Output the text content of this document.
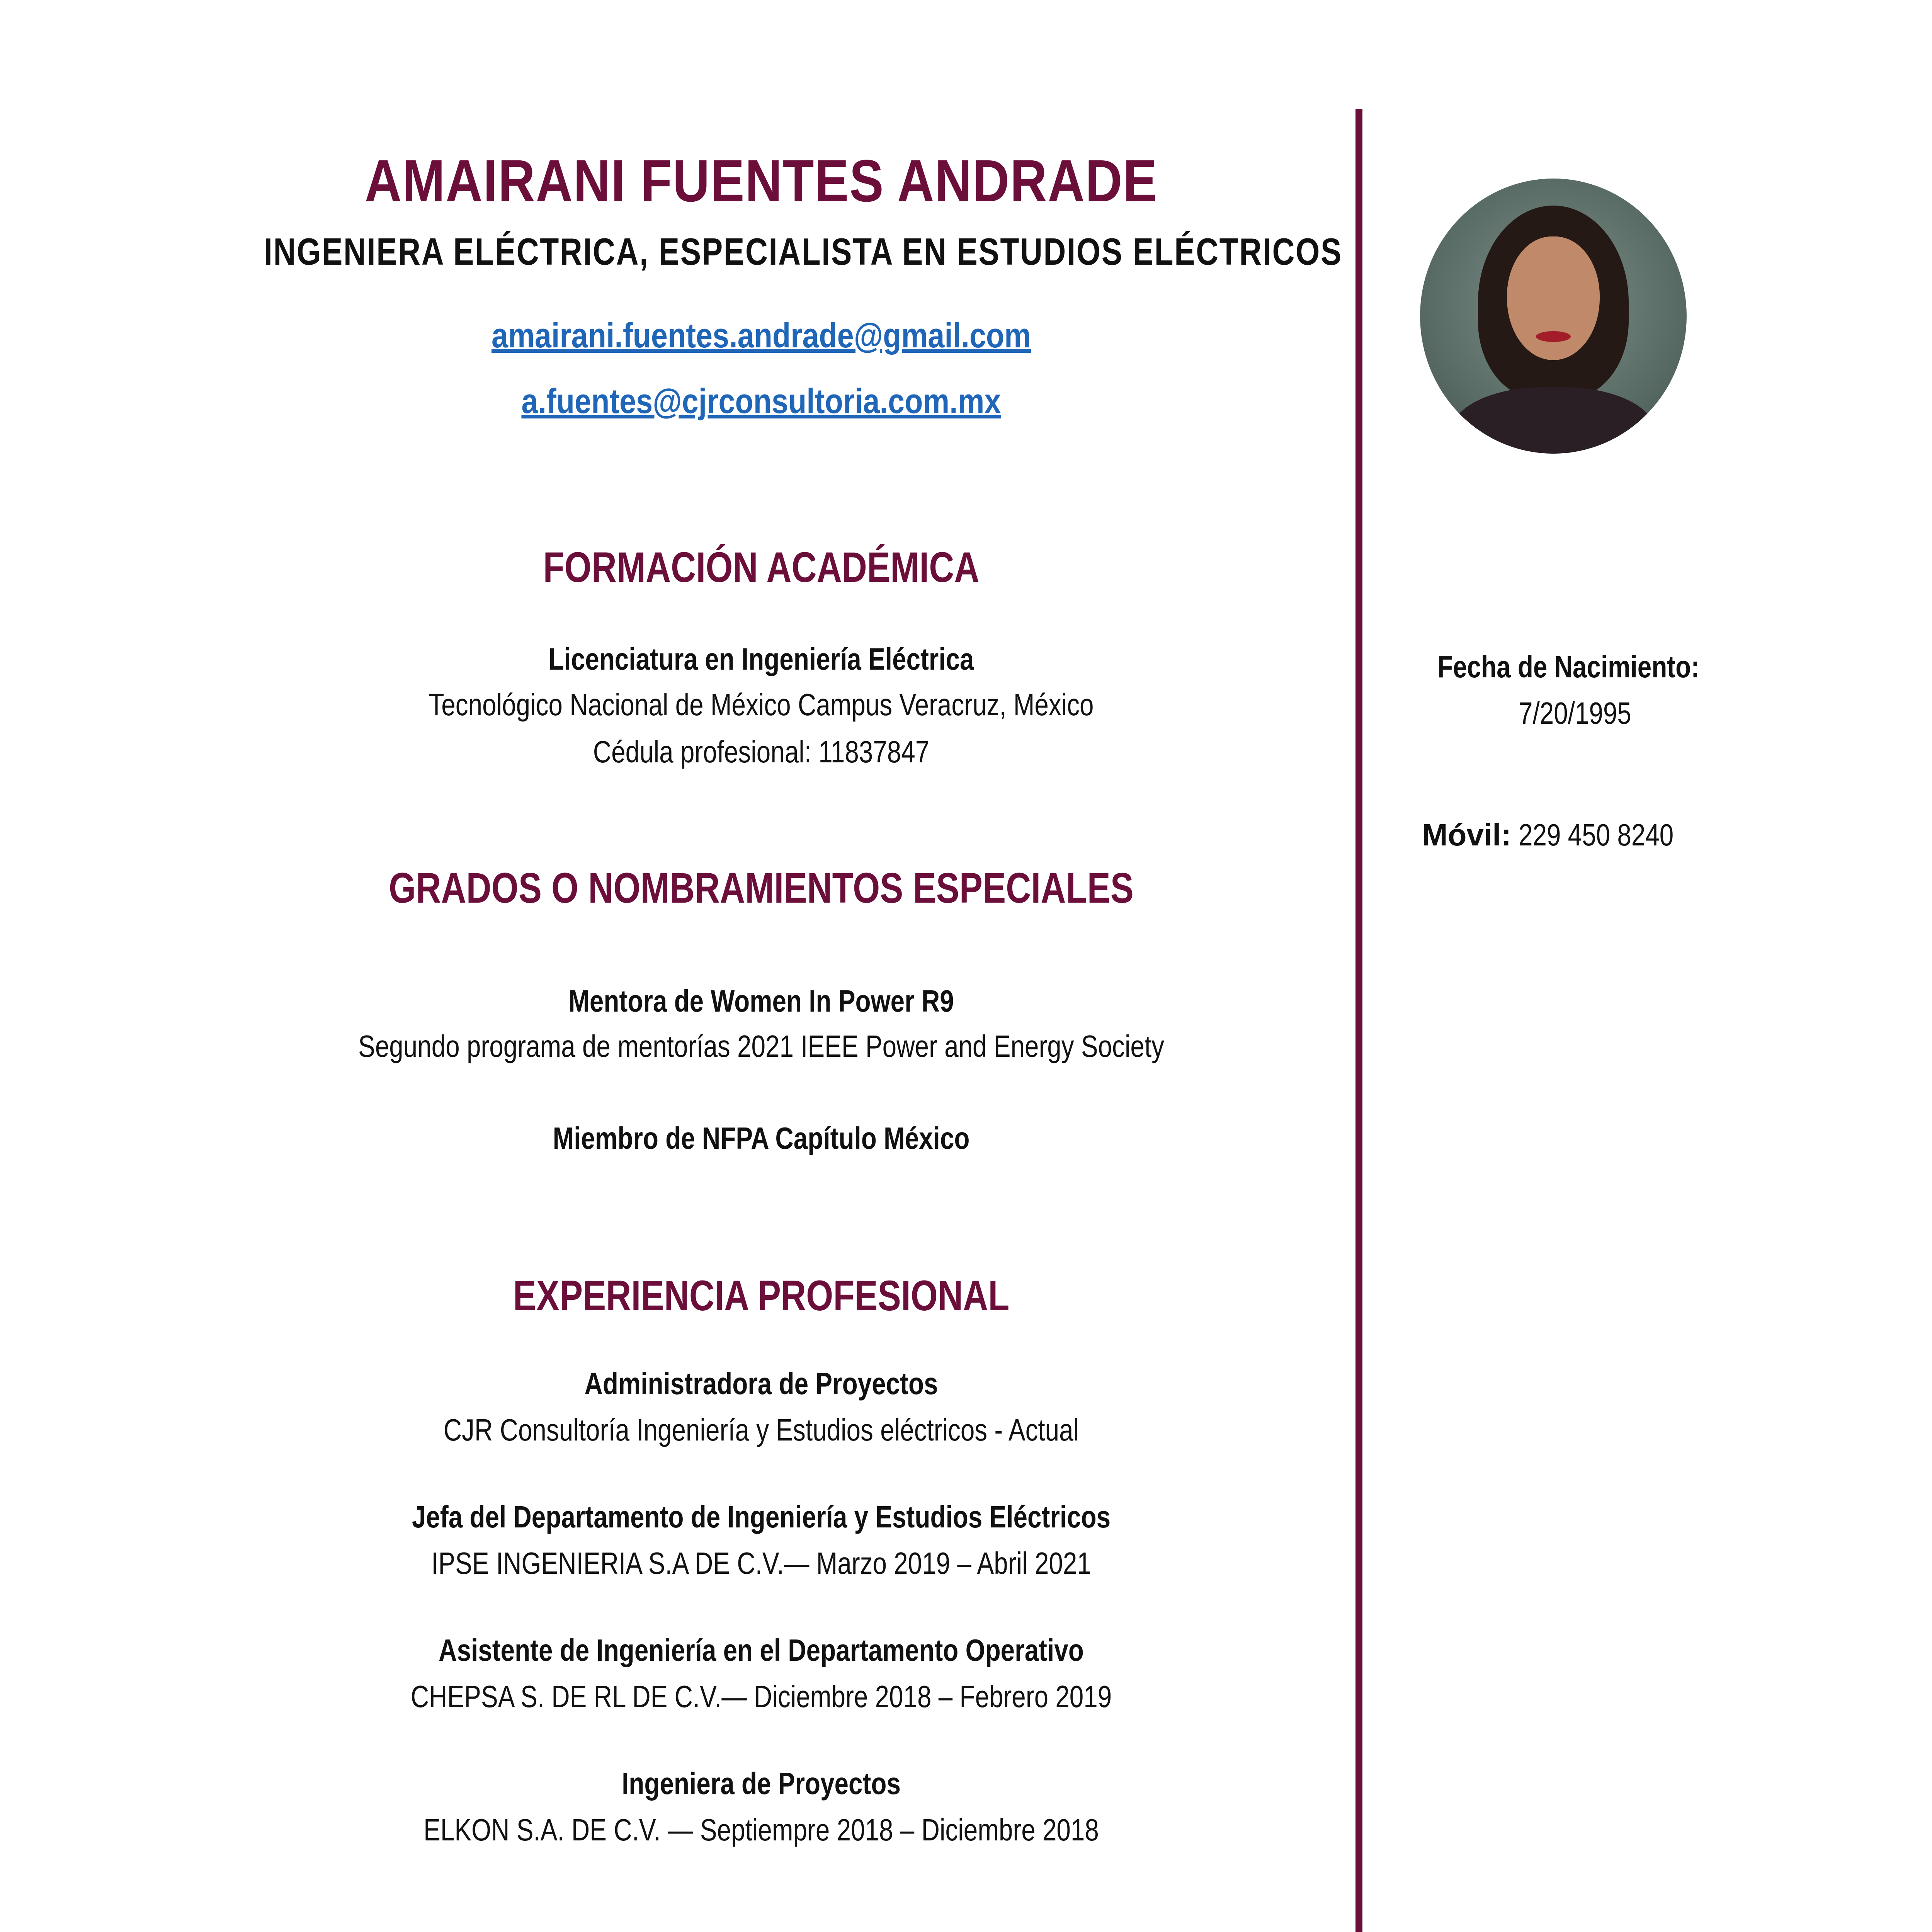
AMAIRANI FUENTES ANDRADE
INGENIERA ELÉCTRICA, ESPECIALISTA EN ESTUDIOS ELÉCTRICOS
amairani.fuentes.andrade@gmail.com
a.fuentes@cjrconsultoria.com.mx
FORMACIÓN ACADÉMICA
Licenciatura en Ingeniería Eléctrica
Tecnológico Nacional de México Campus Veracruz, México
Cédula profesional: 11837847
GRADOS O NOMBRAMIENTOS ESPECIALES
Mentora de Women In Power R9
Segundo programa de mentorías 2021 IEEE Power and Energy Society
Miembro de NFPA Capítulo México
EXPERIENCIA PROFESIONAL
Administradora de Proyectos
CJR Consultoría Ingeniería y Estudios eléctricos - Actual
Jefa del Departamento de Ingeniería y Estudios Eléctricos
IPSE INGENIERIA S.A DE C.V.— Marzo 2019 – Abril 2021
Asistente de Ingeniería en el Departamento Operativo
CHEPSA S. DE RL DE C.V.— Diciembre 2018 – Febrero 2019
Ingeniera de Proyectos
ELKON S.A. DE C.V. — Septiempre 2018 – Diciembre 2018
Fecha de Nacimiento:
7/20/1995
Móvil: 229 450 8240
